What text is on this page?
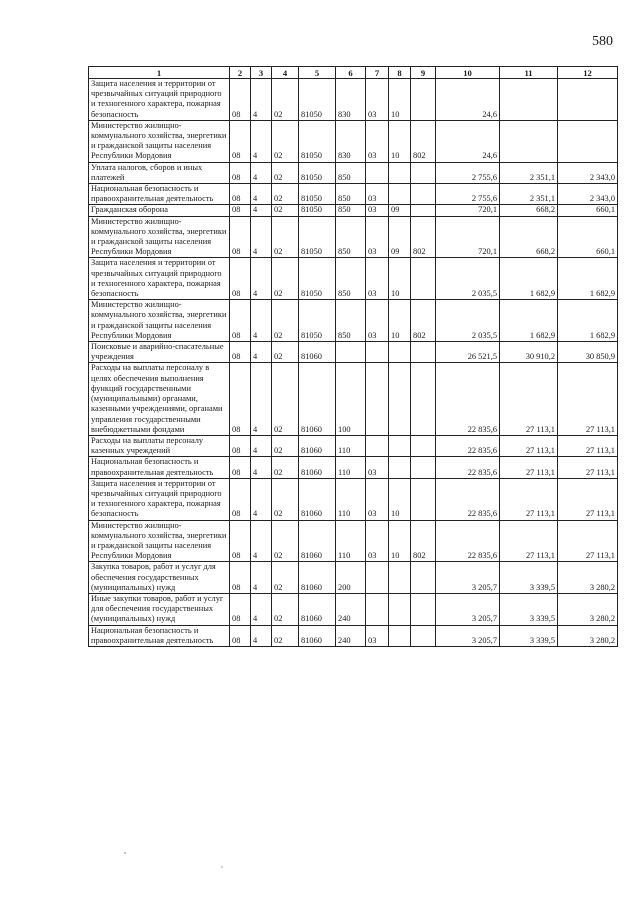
580
1	2	3	4	5	6	7	8	9	10	11	12
Защита населения и территории от чрезвычайных ситуаций природного и техногенного характера, пожарная безопасность	08	4	02	81050	830	03	10		24,6		
Министерство жилищно-коммунального хозяйства, энергетики и гражданской защиты населения Республики Мордовия	08	4	02	81050	830	03	10	802	24,6		
Уплата налогов, сборов и иных платежей	08	4	02	81050	850				2 755,6	2 351,1	2 343,0
Национальная безопасность и правоохранительная деятельность	08	4	02	81050	850	03			2 755,6	2 351,1	2 343,0
Гражданская оборона	08	4	02	81050	850	03	09		720,1	668,2	660,1
Министерство жилищно-коммунального хозяйства, энергетики и гражданской защиты населения Республики Мордовия	08	4	02	81050	850	03	09	802	720,1	668,2	660,1
Защита населения и территории от чрезвычайных ситуаций природного и техногенного характера, пожарная безопасность	08	4	02	81050	850	03	10		2 035,5	1 682,9	1 682,9
Министерство жилищно-коммунального хозяйства, энергетики и гражданской защиты населения Республики Мордовия	08	4	02	81050	850	03	10	802	2 035,5	1 682,9	1 682,9
Поисковые и аварийно-спасательные учреждения	08	4	02	81060					26 521,5	30 910,2	30 850,9
Расходы на выплаты персоналу в целях обеспечения выполнения функций государственными (муниципальными) органами, казенными учреждениями, органами управления государственными внебюджетными фондами	08	4	02	81060	100				22 835,6	27 113,1	27 113,1
Расходы на выплаты персоналу казенных учреждений	08	4	02	81060	110				22 835,6	27 113,1	27 113,1
Национальная безопасность и правоохранительная деятельность	08	4	02	81060	110	03			22 835,6	27 113,1	27 113,1
Защита населения и территории от чрезвычайных ситуаций природного и техногенного характера, пожарная безопасность	08	4	02	81060	110	03	10		22 835,6	27 113,1	27 113,1
Министерство жилищно-коммунального хозяйства, энергетики и гражданской защиты населения Республики Мордовия	08	4	02	81060	110	03	10	802	22 835,6	27 113,1	27 113,1
Закупка товаров, работ и услуг для обеспечения государственных (муниципальных) нужд	08	4	02	81060	200				3 205,7	3 339,5	3 280,2
Иные закупки товаров, работ и услуг для обеспечения государственных (муниципальных) нужд	08	4	02	81060	240				3 205,7	3 339,5	3 280,2
Национальная безопасность и правоохранительная деятельность	08	4	02	81060	240	03			3 205,7	3 339,5	3 280,2
